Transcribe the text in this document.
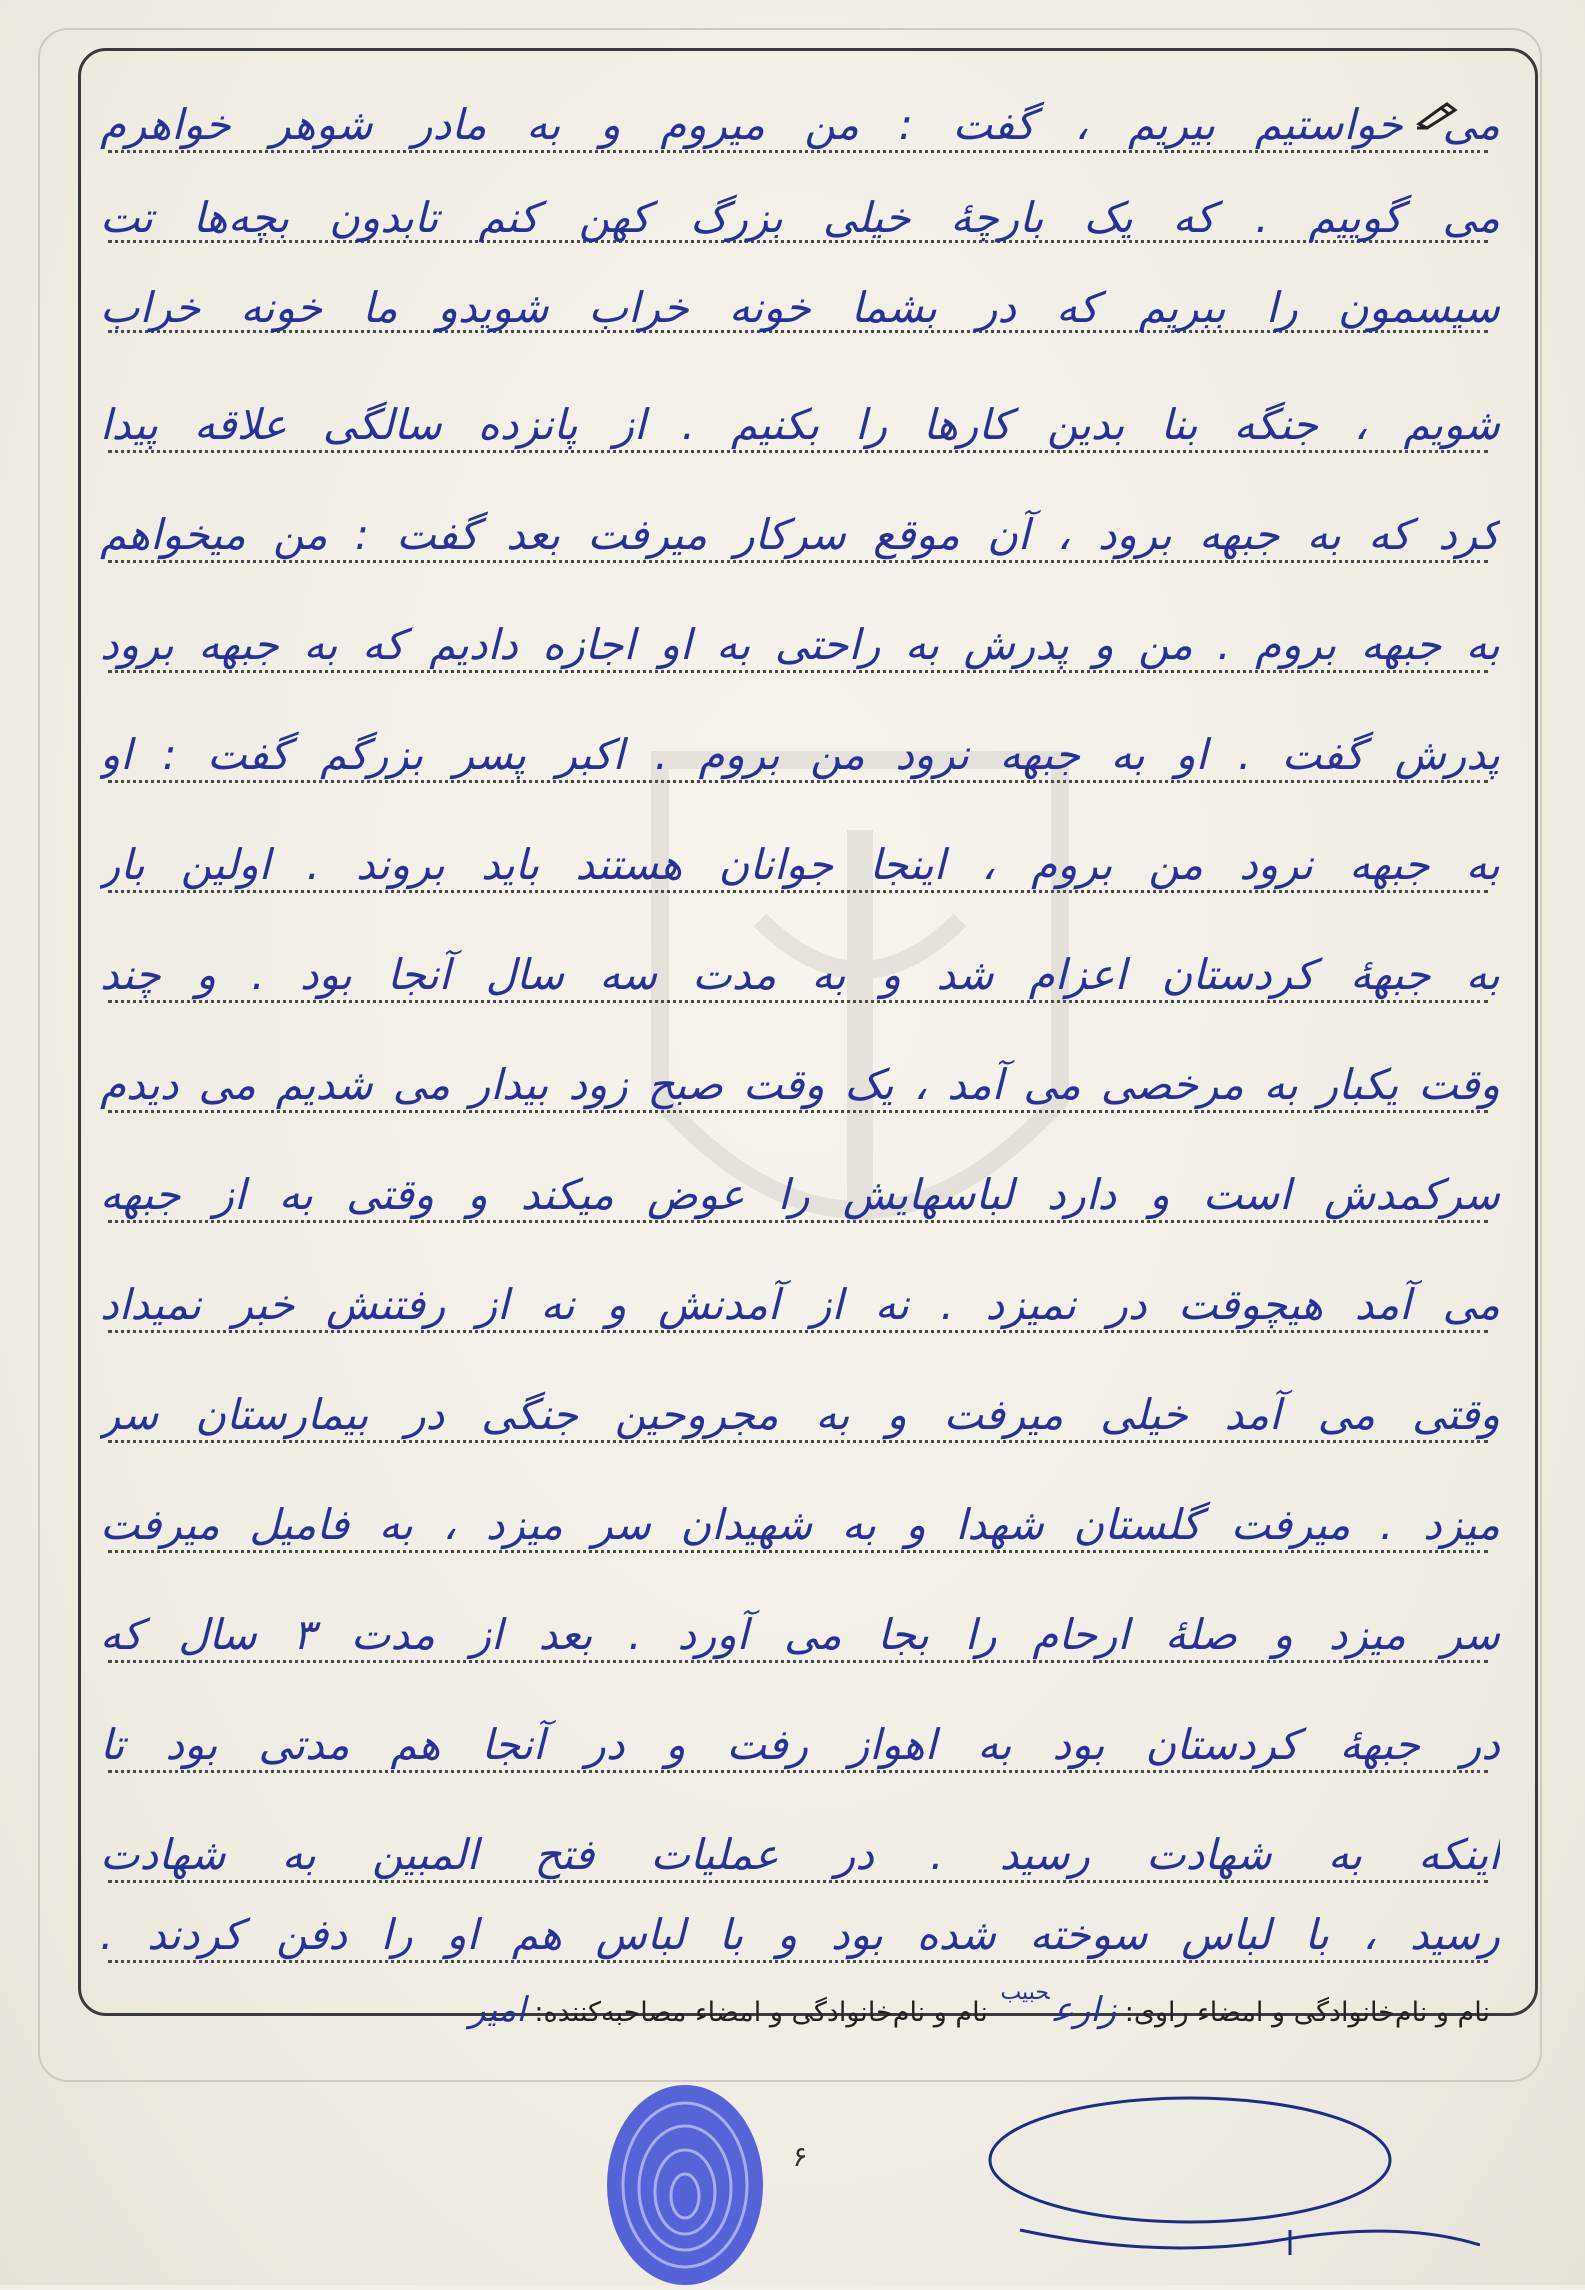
می خواستیم بیریم ، گفت : من میروم و به مادر شوهر خواهرم
می گوییم . که یک بارچهٔ خیلی بزرگ کهن کنم تابدون بچه‌ها تت
سیسمون را ببریم که در بشما خونه خراب شویدو ما خونه خراب
شویم ، جنگه بنا بدین کارها را بکنیم . از پانزده سالگی علاقه پیدا
کرد که به جبهه برود ، آن موقع سرکار میرفت بعد گفت : من میخواهم
به جبهه بروم . من و پدرش به راحتی به او اجازه دادیم که به جبهه برود
پدرش گفت . او به جبهه نرود من بروم . اکبر پسر بزرگم گفت : او
به جبهه نرود من بروم ، اینجا جوانان هستند باید بروند . اولین بار
به جبههٔ کردستان اعزام شد و به مدت سه سال آنجا بود . و چند
وقت یکبار به مرخصی می آمد ، یک وقت صبح زود بیدار می شدیم می دیدم
سرکمدش است و دارد لباسهایش را عوض میکند و وقتی به از جبهه
می آمد هیچوقت در نمیزد . نه از آمدنش و نه از رفتنش خبر نمیداد
وقتی می آمد خیلی میرفت و به مجروحین جنگی در بیمارستان سر
میزد . میرفت گلستان شهدا و به شهیدان سر میزد ، به فامیل میرفت
سر میزد و صلهٔ ارحام را بجا می آورد . بعد از مدت ۳ سال که
در جبههٔ کردستان بود به اهواز رفت و در آنجا هم مدتی بود تا
اینکه به شهادت رسید . در عملیات فتح المبین به شهادت
رسید ، با لباس سوخته شده بود و با لباس هم او را دفن کردند .
نام و نام‌خانوادگی و امضاء راوی: زارع$^{حبیب}$ نام و نام‌خانوادگی و امضاء مصاحبه‌کننده: امیر
۶
